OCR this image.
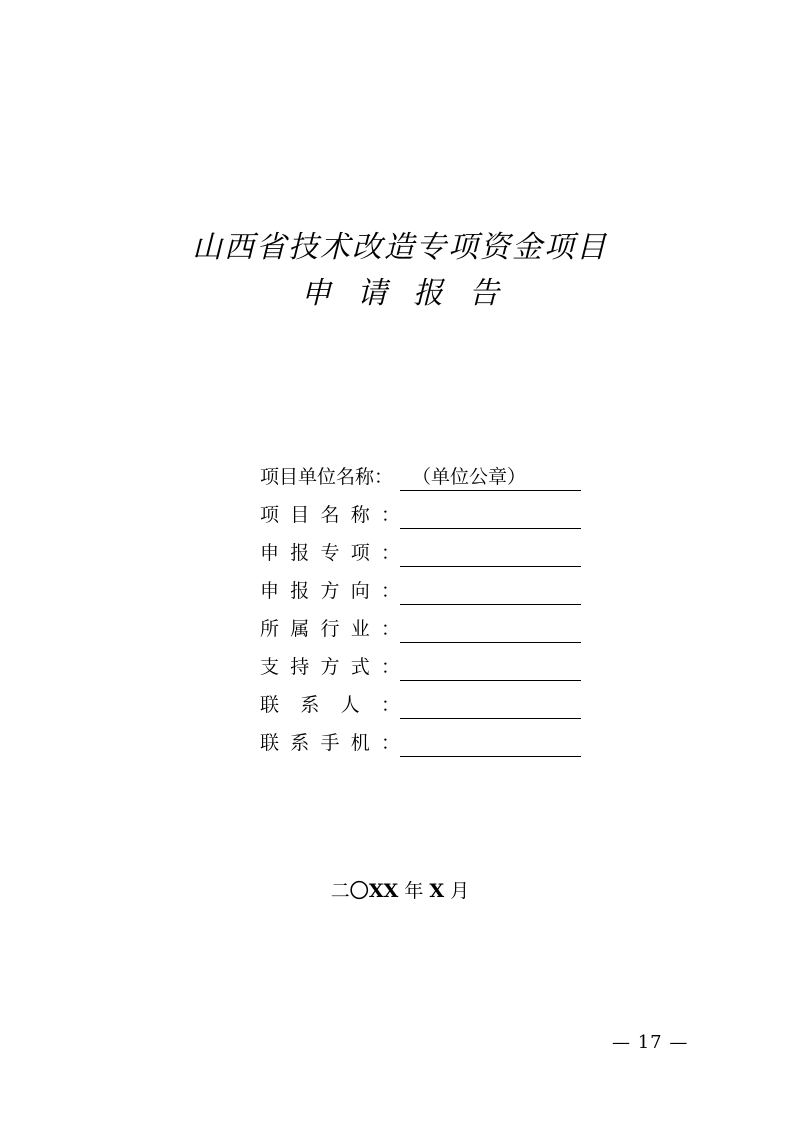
山西省技术改造专项资金项目
申请报告
项目单位名称： （单位公章）
项 目 名 称 ：
申 报 专 项 ：
申 报 方 向 ：
所 属 行 业 ：
支 持 方 式 ：
联 系 人 ：
联 系 手 机 ：
二〇XX 年 X 月
— 17 —
